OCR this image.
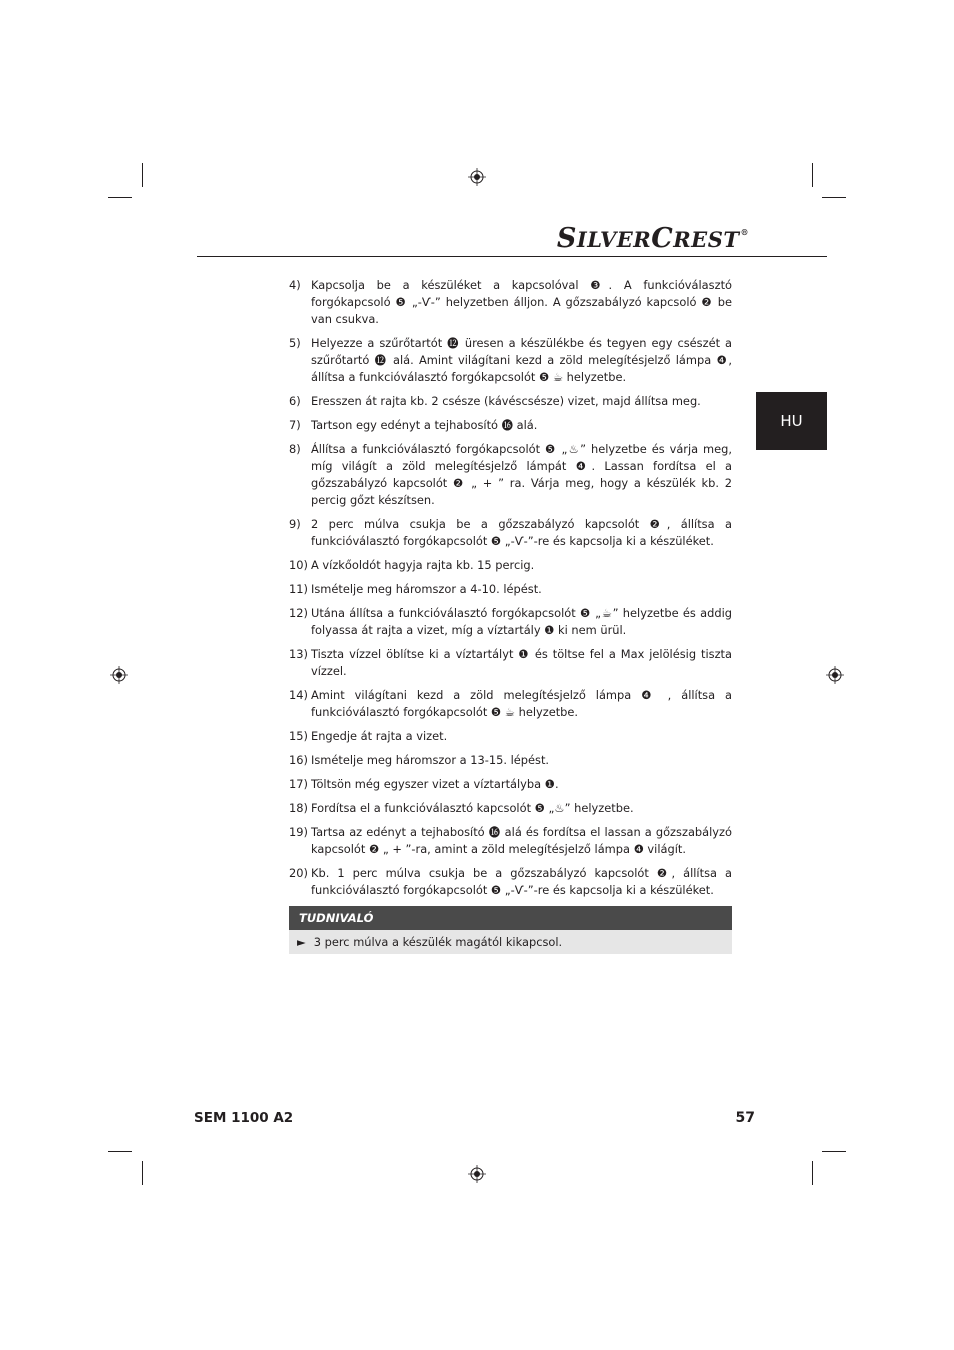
SILVERCREST®
HU
4) Kapcsolja be a készüléket a kapcsolóval ❸. A funkcióválasztó forgókapcsoló ❺ „-Ѵ-” helyzetben álljon. A gőzszabályzó kapcsoló ❷ be van csukva.
5) Helyezze a szűrőtartót ⓬ üresen a készülékbe és tegyen egy csészét a szűrőtartó ⓬ alá. Amint világítani kezd a zöld melegítésjelző lámpa ❹, állítsa a funkcióválasztó forgókapcsolót ❺ ☕ helyzetbe.
6) Eresszen át rajta kb. 2 csésze (kávéscsésze) vizet, majd állítsa meg.
7) Tartson egy edényt a tejhabosító ⓰ alá.
8) Állítsa a funkcióválasztó forgókapcsolót ❺ „♨” helyzetbe és várja meg, míg világít a zöld melegítésjelző lámpát ❹. Lassan fordítsa el a gőzszabályzó kapcsolót ❷ „ + ” ra. Várja meg, hogy a készülék kb. 2 percig gőzt készítsen.
9) 2 perc múlva csukja be a gőzszabályzó kapcsolót ❷, állítsa a funkcióválasztó forgókapcsolót ❺ „-Ѵ-”-re és kapcsolja ki a készüléket.
10) A vízkőoldót hagyja rajta kb. 15 percig.
11) Ismételje meg háromszor a 4-10. lépést.
12) Utána állítsa a funkcióválasztó forgókapcsolót ❺ „☕” helyzetbe és addig folyassa át rajta a vizet, míg a víztartály ❶ ki nem ürül.
13) Tiszta vízzel öblítse ki a víztartályt ❶ és töltse fel a Max jelölésig tiszta vízzel.
14) Amint világítani kezd a zöld melegítésjelző lámpa ❹ , állítsa a funkcióválasztó forgókapcsolót ❺ ☕ helyzetbe.
15) Engedje át rajta a vizet.
16) Ismételje meg háromszor a 13-15. lépést.
17) Töltsön még egyszer vizet a víztartályba ❶.
18) Fordítsa el a funkcióválasztó kapcsolót ❺ „♨” helyzetbe.
19) Tartsa az edényt a tejhabosító ⓰ alá és fordítsa el lassan a gőzszabályzó kapcsolót ❷ „ + ”-ra, amint a zöld melegítésjelző lámpa ❹ világít.
20) Kb. 1 perc múlva csukja be a gőzszabályzó kapcsolót ❷, állítsa a funkcióválasztó forgókapcsolót ❺ „-Ѵ-”-re és kapcsolja ki a készüléket.
TUDNIVALÓ
► 3 perc múlva a készülék magától kikapcsol.
SEM 1100 A2	57
